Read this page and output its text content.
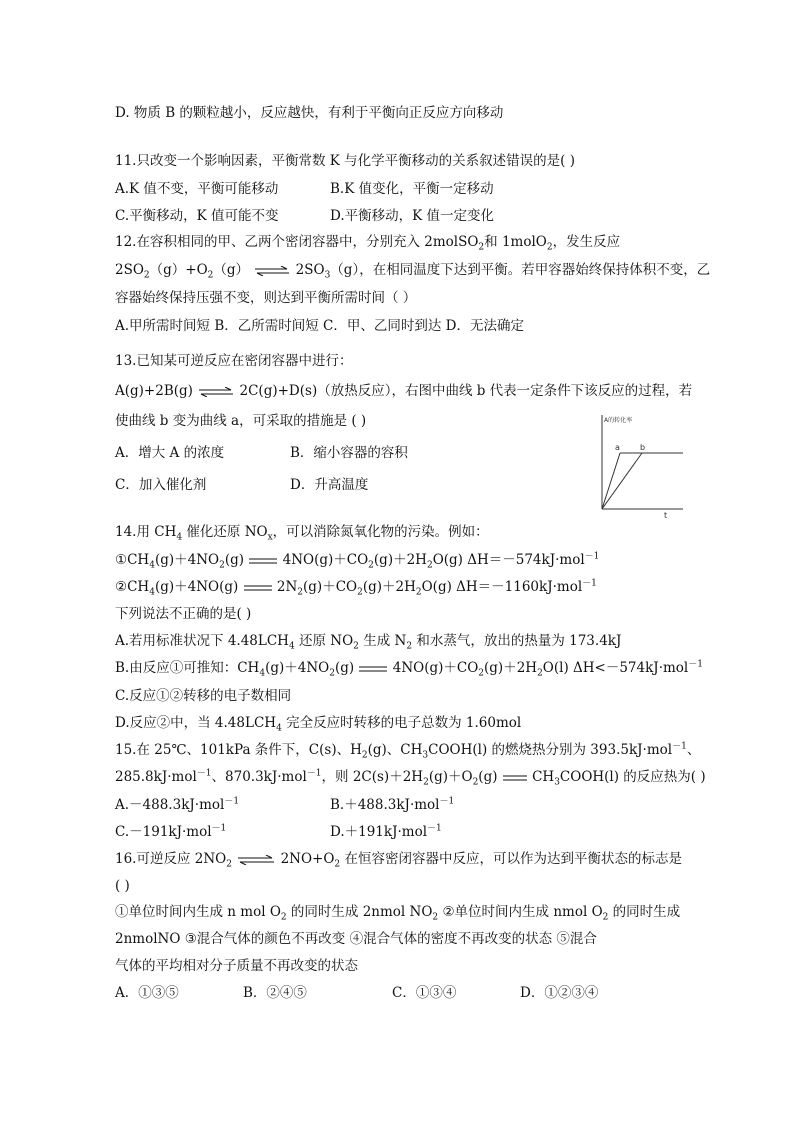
D. 物质 B 的颗粒越小，反应越快，有利于平衡向正反应方向移动
11.只改变一个影响因素，平衡常数 K 与化学平衡移动的关系叙述错误的是( )
A.K 值不变，平衡可能移动	B.K 值变化，平衡一定移动
C.平衡移动，K 值可能不变	D.平衡移动，K 值一定变化
12.在容积相同的甲、乙两个密闭容器中，分别充入 2molSO$_2$和 1molO$_2$，发生反应
$2SO_2(g)+O_2(g)$ ⇌ $2SO_3(g)$，在相同温度下达到平衡。若甲容器始终保持体积不变，乙
容器始终保持压强不变，则达到平衡所需时间（ ）
A.甲所需时间短 B．乙所需时间短 C．甲、乙同时到达 D．无法确定
13.已知某可逆反应在密闭容器中进行：
A(g)+2B(g) ⇌ 2C(g)+D(s)（放热反应），右图中曲线 b 代表一定条件下该反应的过程，若
使曲线 b 变为曲线 a，可采取的措施是 ( )
A．增大 A 的浓度	B．缩小容器的容积
C．加入催化剂	D．升高温度
A的转化率
a	b
t
14.用 $CH_4$ 催化还原 $NO_x$，可以消除氮氧化物的污染。例如：
$①CH_4(g)+4NO_2(g)$	$4NO(g)+CO_2(g)+2H_2O(g)$ ΔH＝－574kJ·mol$^{-1}$
$②CH_4(g)+4NO(g)$	$2N_2(g)+CO_2(g)+2H_2O(g)$ ΔH＝－1160kJ·mol$^{-1}$
下列说法不正确的是( )
A.若用标准状况下 $4.48LCH_4$ 还原 $NO_2$ 生成 $N_2$ 和水蒸气，放出的热量为 173.4kJ
B.由反应①可推知：$CH_4(g)+4NO_2(g)$	$4NO(g)+CO_2(g)+2H_2O(l)$ ΔH<－574kJ·mol$^{-1}$
C.反应①②转移的电子数相同
D.反应②中，当 $4.48LCH_4$ 完全反应时转移的电子总数为 1.60mol
15.在 25℃、101kPa 条件下，C(s)、$H_2(g)$、$CH_3COOH(l)$ 的燃烧热分别为 393.5kJ·mol$^{-1}$、
285.8kJ·mol$^{-1}$、870.3kJ·mol$^{-1}$，则 $2C(s)+2H_2(g)+O_2(g)$	$CH_3COOH(l)$ 的反应热为( )
A.－488.3kJ·mol$^{-1}$	B.＋488.3kJ·mol$^{-1}$
C.－191kJ·mol$^{-1}$	D.＋191kJ·mol$^{-1}$
16.可逆反应 $2NO_2$ ⇌ $2NO+O_2$ 在恒容密闭容器中反应，可以作为达到平衡状态的标志是
( )
①单位时间内生成 n mol $O_2$ 的同时生成 2nmol $NO_2$ ②单位时间内生成 nmol $O_2$ 的同时生成
2nmolNO ③混合气体的颜色不再改变 ④混合气体的密度不再改变的状态 ⑤混合
气体的平均相对分子质量不再改变的状态
A．①③⑤	B．②④⑤	C．①③④	D．①②③④
